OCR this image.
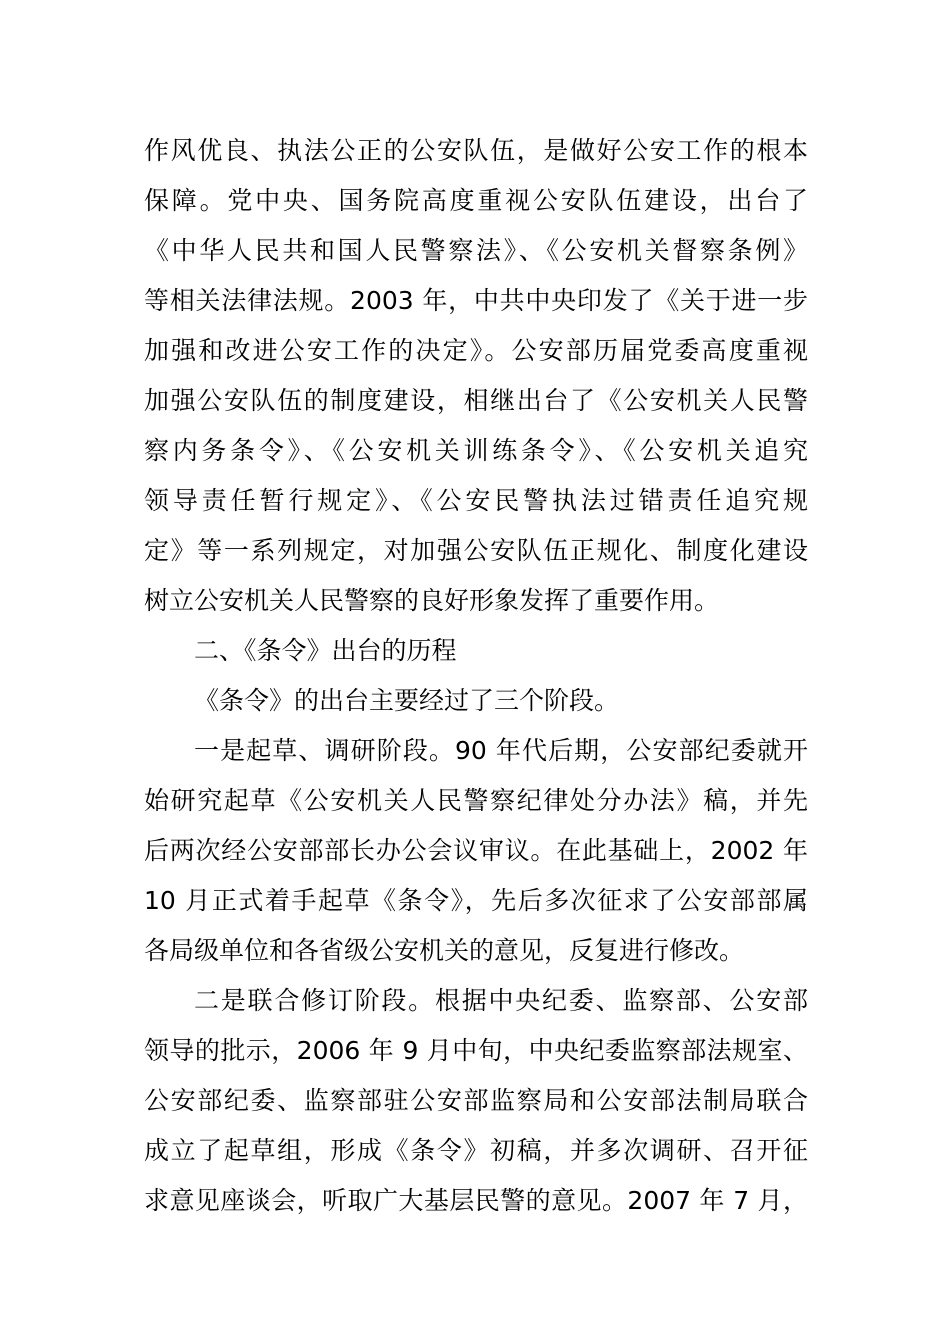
作风优良、执法公正的公安队伍，是做好公安工作的根本
保障。党中央、国务院高度重视公安队伍建设，出台了
《中华人民共和国人民警察法》、《公安机关督察条例》
等相关法律法规。2003 年，中共中央印发了《关于进一步
加强和改进公安工作的决定》。公安部历届党委高度重视
加强公安队伍的制度建设，相继出台了《公安机关人民警
察内务条令》、《公安机关训练条令》、《公安机关追究
领导责任暂行规定》、《公安民警执法过错责任追究规
定》等一系列规定，对加强公安队伍正规化、制度化建设
树立公安机关人民警察的良好形象发挥了重要作用。
二、《条令》出台的历程
《条令》的出台主要经过了三个阶段。
一是起草、调研阶段。90 年代后期，公安部纪委就开
始研究起草《公安机关人民警察纪律处分办法》稿，并先
后两次经公安部部长办公会议审议。在此基础上，2002 年
10 月正式着手起草《条令》，先后多次征求了公安部部属
各局级单位和各省级公安机关的意见，反复进行修改。
二是联合修订阶段。根据中央纪委、监察部、公安部
领导的批示，2006 年 9 月中旬，中央纪委监察部法规室、
公安部纪委、监察部驻公安部监察局和公安部法制局联合
成立了起草组，形成《条令》初稿，并多次调研、召开征
求意见座谈会，听取广大基层民警的意见。2007 年 7 月，
